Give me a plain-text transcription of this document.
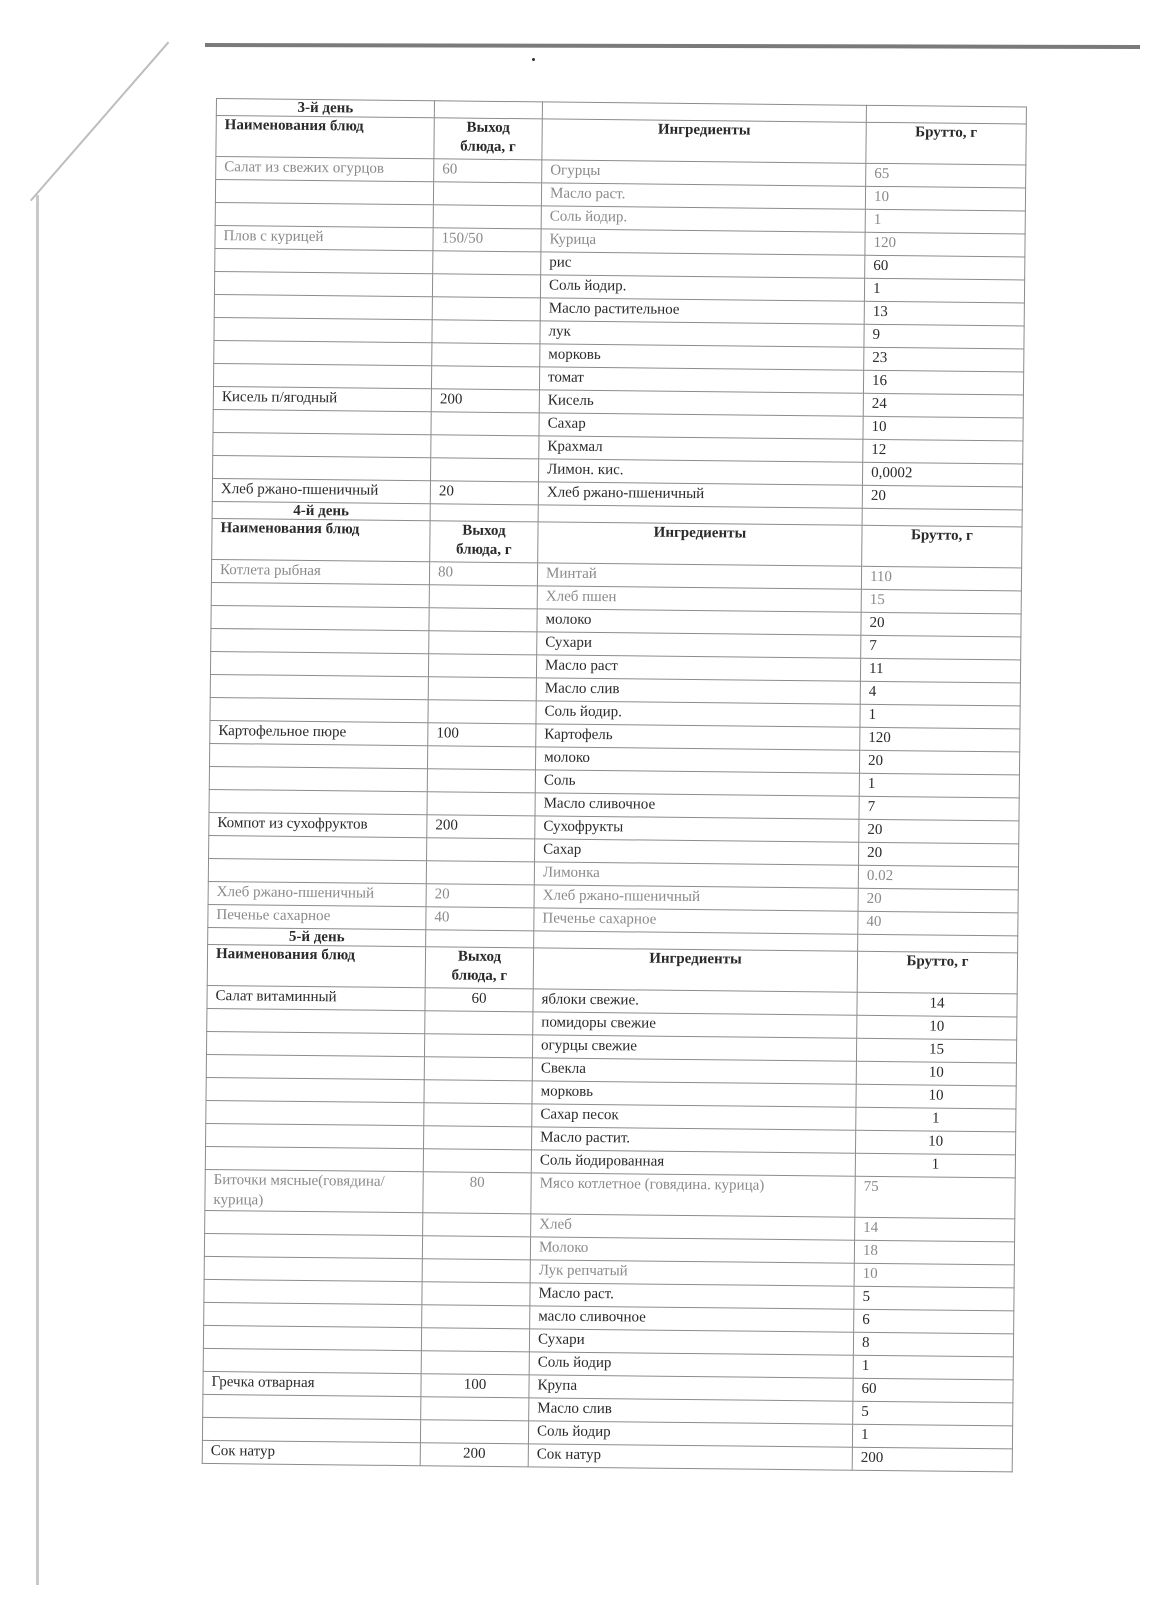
3-й день			
Наименования блюд	Выход блюда, г	Ингредиенты	Брутто, г
Салат из свежих огурцов	60	Огурцы	65
		Масло раст.	10
		Соль йодир.	1
Плов с курицей	150/50	Курица	120
		рис	60
		Соль йодир.	1
		Масло растительное	13
		лук	9
		морковь	23
		томат	16
Кисель п/ягодный	200	Кисель	24
		Сахар	10
		Крахмал	12
		Лимон. кис.	0,0002
Хлеб ржано-пшеничный	20	Хлеб ржано-пшеничный	20
4-й день			
Наименования блюд	Выход блюда, г	Ингредиенты	Брутто, г
Котлета рыбная	80	Минтай	110
		Хлеб пшен	15
		молоко	20
		Сухари	7
		Масло раст	11
		Масло слив	4
		Соль йодир.	1
Картофельное пюре	100	Картофель	120
		молоко	20
		Соль	1
		Масло сливочное	7
Компот из сухофруктов	200	Сухофрукты	20
		Сахар	20
		Лимонка	0.02
Хлеб ржано-пшеничный	20	Хлеб ржано-пшеничный	20
Печенье сахарное	40	Печенье сахарное	40
5-й день			
Наименования блюд	Выход блюда, г	Ингредиенты	Брутто, г
Салат витаминный	60	яблоки свежие.	14
		помидоры свежие	10
		огурцы свежие	15
		Свекла	10
		морковь	10
		Сахар песок	1
		Масло растит.	10
		Соль йодированная	1
Биточки мясные(говядина/курица)	80	Мясо котлетное (говядина. курица)	75
		Хлеб	14
		Молоко	18
		Лук репчатый	10
		Масло раст.	5
		масло сливочное	6
		Сухари	8
		Соль йодир	1
Гречка отварная	100	Крупа	60
		Масло слив	5
		Соль йодир	1
Сок натур	200	Сок натур	200
